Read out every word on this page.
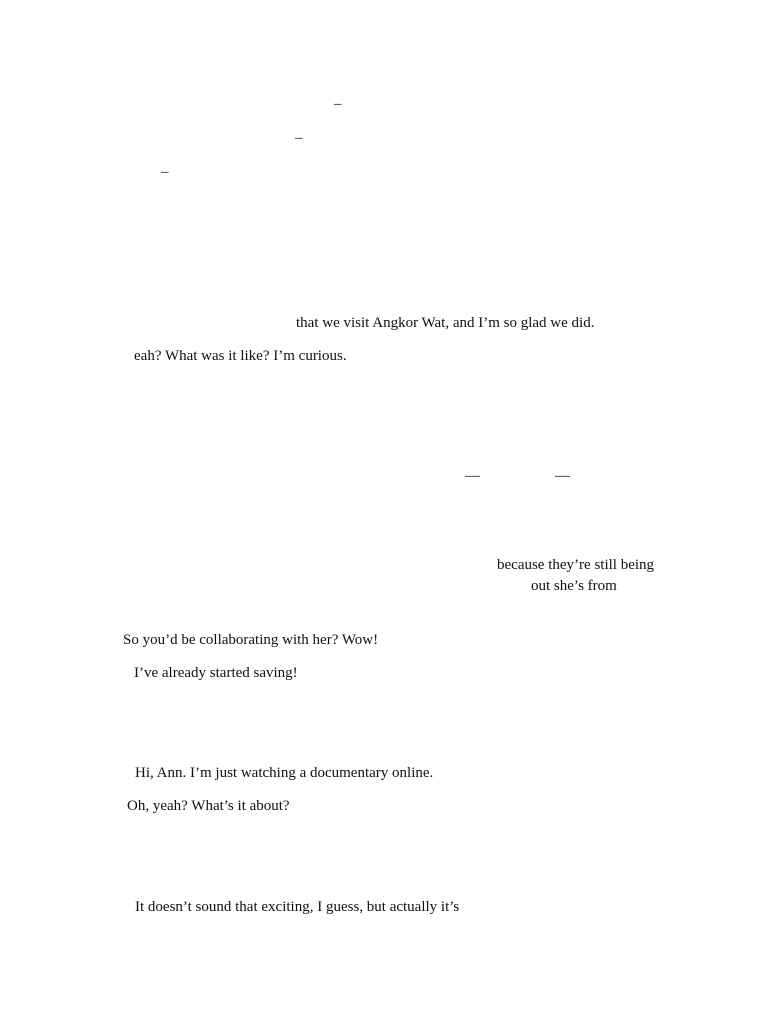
_
_
_
that we visit Angkor Wat, and I’m so glad we did.
eah? What was it like? I’m curious.
—	—
because they’re still being
out she’s from
So you’d be collaborating with her? Wow!
I’ve already started saving!
Hi, Ann. I’m just watching a documentary online.
Oh, yeah? What’s it about?
It doesn’t sound that exciting, I guess, but actually it’s
